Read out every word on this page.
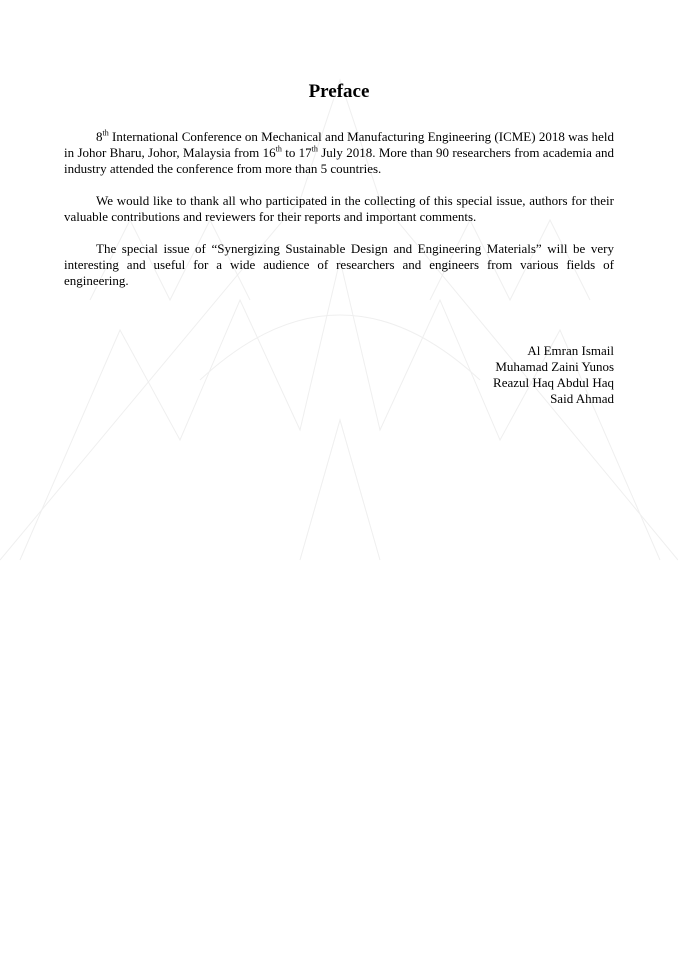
Preface

8th International Conference on Mechanical and Manufacturing Engineering (ICME) 2018 was held in Johor Bharu, Johor, Malaysia from 16th to 17th July 2018. More than 90 researchers from academia and industry attended the conference from more than 5 countries.

We would like to thank all who participated in the collecting of this special issue, authors for their valuable contributions and reviewers for their reports and important comments.

The special issue of “Synergizing Sustainable Design and Engineering Materials” will be very interesting and useful for a wide audience of researchers and engineers from various fields of engineering.

Al Emran Ismail
Muhamad Zaini Yunos
Reazul Haq Abdul Haq
Said Ahmad
